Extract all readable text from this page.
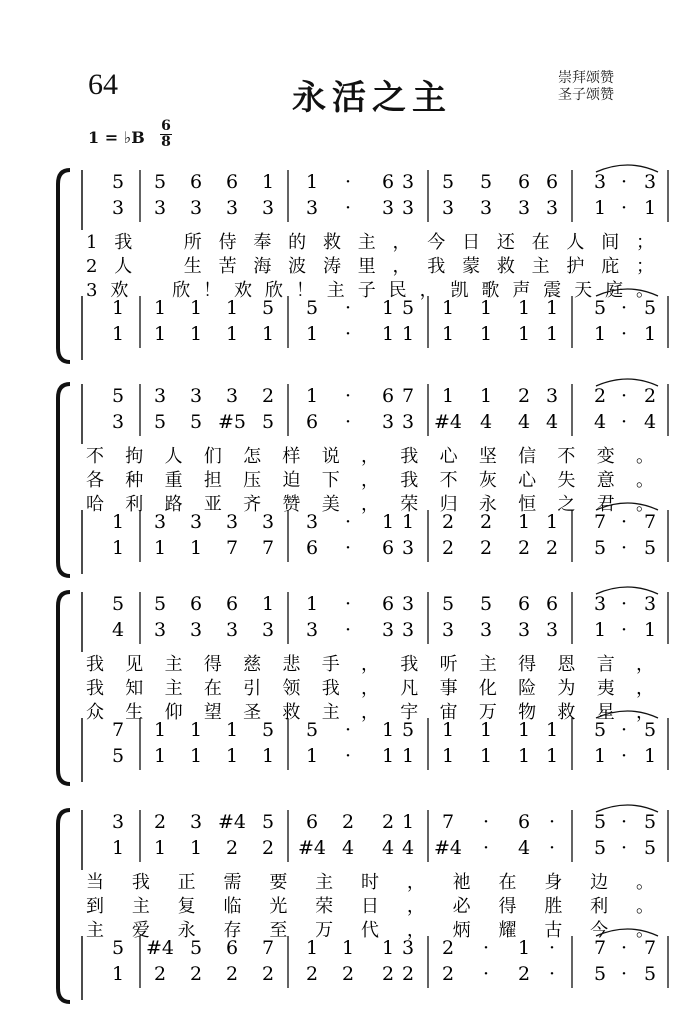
64	永活之主	崇拜颂赞
圣子颂赞
1 = ♭B
6
8
5 5 6 6 1 1 · 6 3 5 5 6 6 3 · 3
3 3 3 3 3 3 · 3 3 3 3 3 3 1 · 1
1 1 1 1 5 5 · 1 5 1 1 1 1 5 · 5
1 1 1 1 1 1 · 1 1 1 1 1 1 1 · 1
1我　所侍奉的救主，今日还在人间；
2人　生苦海波涛里，我蒙救主护庇；
3欢　欣！欢欣！主子民，凯歌声震天庭。
5 3 3 3 2 1 · 6 7 1 1 2 3 2 · 2
3 5 5 #5 5 6 · 3 3 #4 4 4 4 4 · 4
1 3 3 3 3 3 · 1 1 2 2 1 1 7 · 7
1 1 1 7 7 6 · 6 3 2 2 2 2 5 · 5
不拘人们怎样说，我心坚信不变。
各种重担压迫下，我不灰心失意。
哈利路亚齐赞美，荣归永恒之君。
5 5 6 6 1 1 · 6 3 5 5 6 6 3 · 3
4 3 3 3 3 3 · 3 3 3 3 3 3 1 · 1
7 1 1 1 5 5 · 1 5 1 1 1 1 5 · 5
5 1 1 1 1 1 · 1 1 1 1 1 1 1 · 1
我见主得慈悲手，我听主得恩言，
我知主在引领我，凡事化险为夷，
众生仰望圣救主，宇宙万物救星，
3 2 3 #4 5 6 2 2 1 7 · 6 · 5 · 5
1 1 1 2 2 #4 4 4 4 #4 · 4 · 5 · 5
5 #4 5 6 7 1 1 1 3 2 · 1 · 7 · 7
1 2 2 2 2 2 2 2 2 2 · 2 · 5 · 5
当我正需要主时，祂在身边。
到主复临光荣日，必得胜利。
主爱永存至万代，炳耀古今。
